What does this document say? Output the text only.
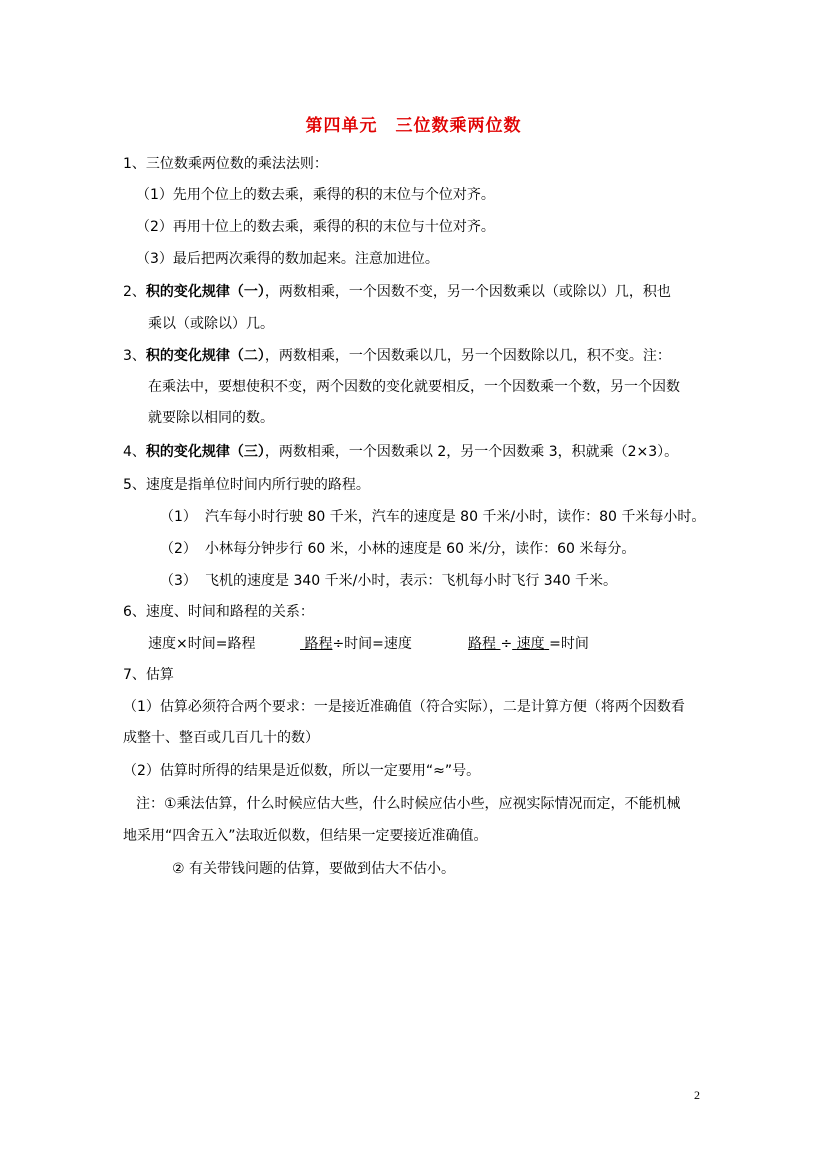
第四单元　三位数乘两位数
1、三位数乘两位数的乘法法则：
（1）先用个位上的数去乘，乘得的积的末位与个位对齐。
（2）再用十位上的数去乘，乘得的积的末位与十位对齐。
（3）最后把两次乘得的数加起来。注意加进位。
2、积的变化规律（一），两数相乘，一个因数不变，另一个因数乘以（或除以）几，积也
乘以（或除以）几。
3、积的变化规律（二），两数相乘，一个因数乘以几，另一个因数除以几，积不变。注：
在乘法中，要想使积不变，两个因数的变化就要相反，一个因数乘一个数，另一个因数
就要除以相同的数。
4、积的变化规律（三），两数相乘，一个因数乘以 2，另一个因数乘 3，积就乘（2×3）。
5、速度是指单位时间内所行驶的路程。
（1） 汽车每小时行驶 80 千米，汽车的速度是 80 千米/小时，读作：80 千米每小时。
（2） 小林每分钟步行 60 米，小林的速度是 60 米/分，读作：60 米每分。
（3） 飞机的速度是 340 千米/小时，表示：飞机每小时飞行 340 千米。
6、速度、时间和路程的关系：
速度×时间=路程	路程÷时间=速度	路程 ÷ 速度 =时间
7、估算
（1）估算必须符合两个要求：一是接近准确值（符合实际），二是计算方便（将两个因数看
成整十、整百或几百几十的数）
（2）估算时所得的结果是近似数，所以一定要用“≈”号。
注：①乘法估算，什么时候应估大些，什么时候应估小些，应视实际情况而定，不能机械
地采用“四舍五入”法取近似数，但结果一定要接近准确值。
② 有关带钱问题的估算，要做到估大不估小。
2
